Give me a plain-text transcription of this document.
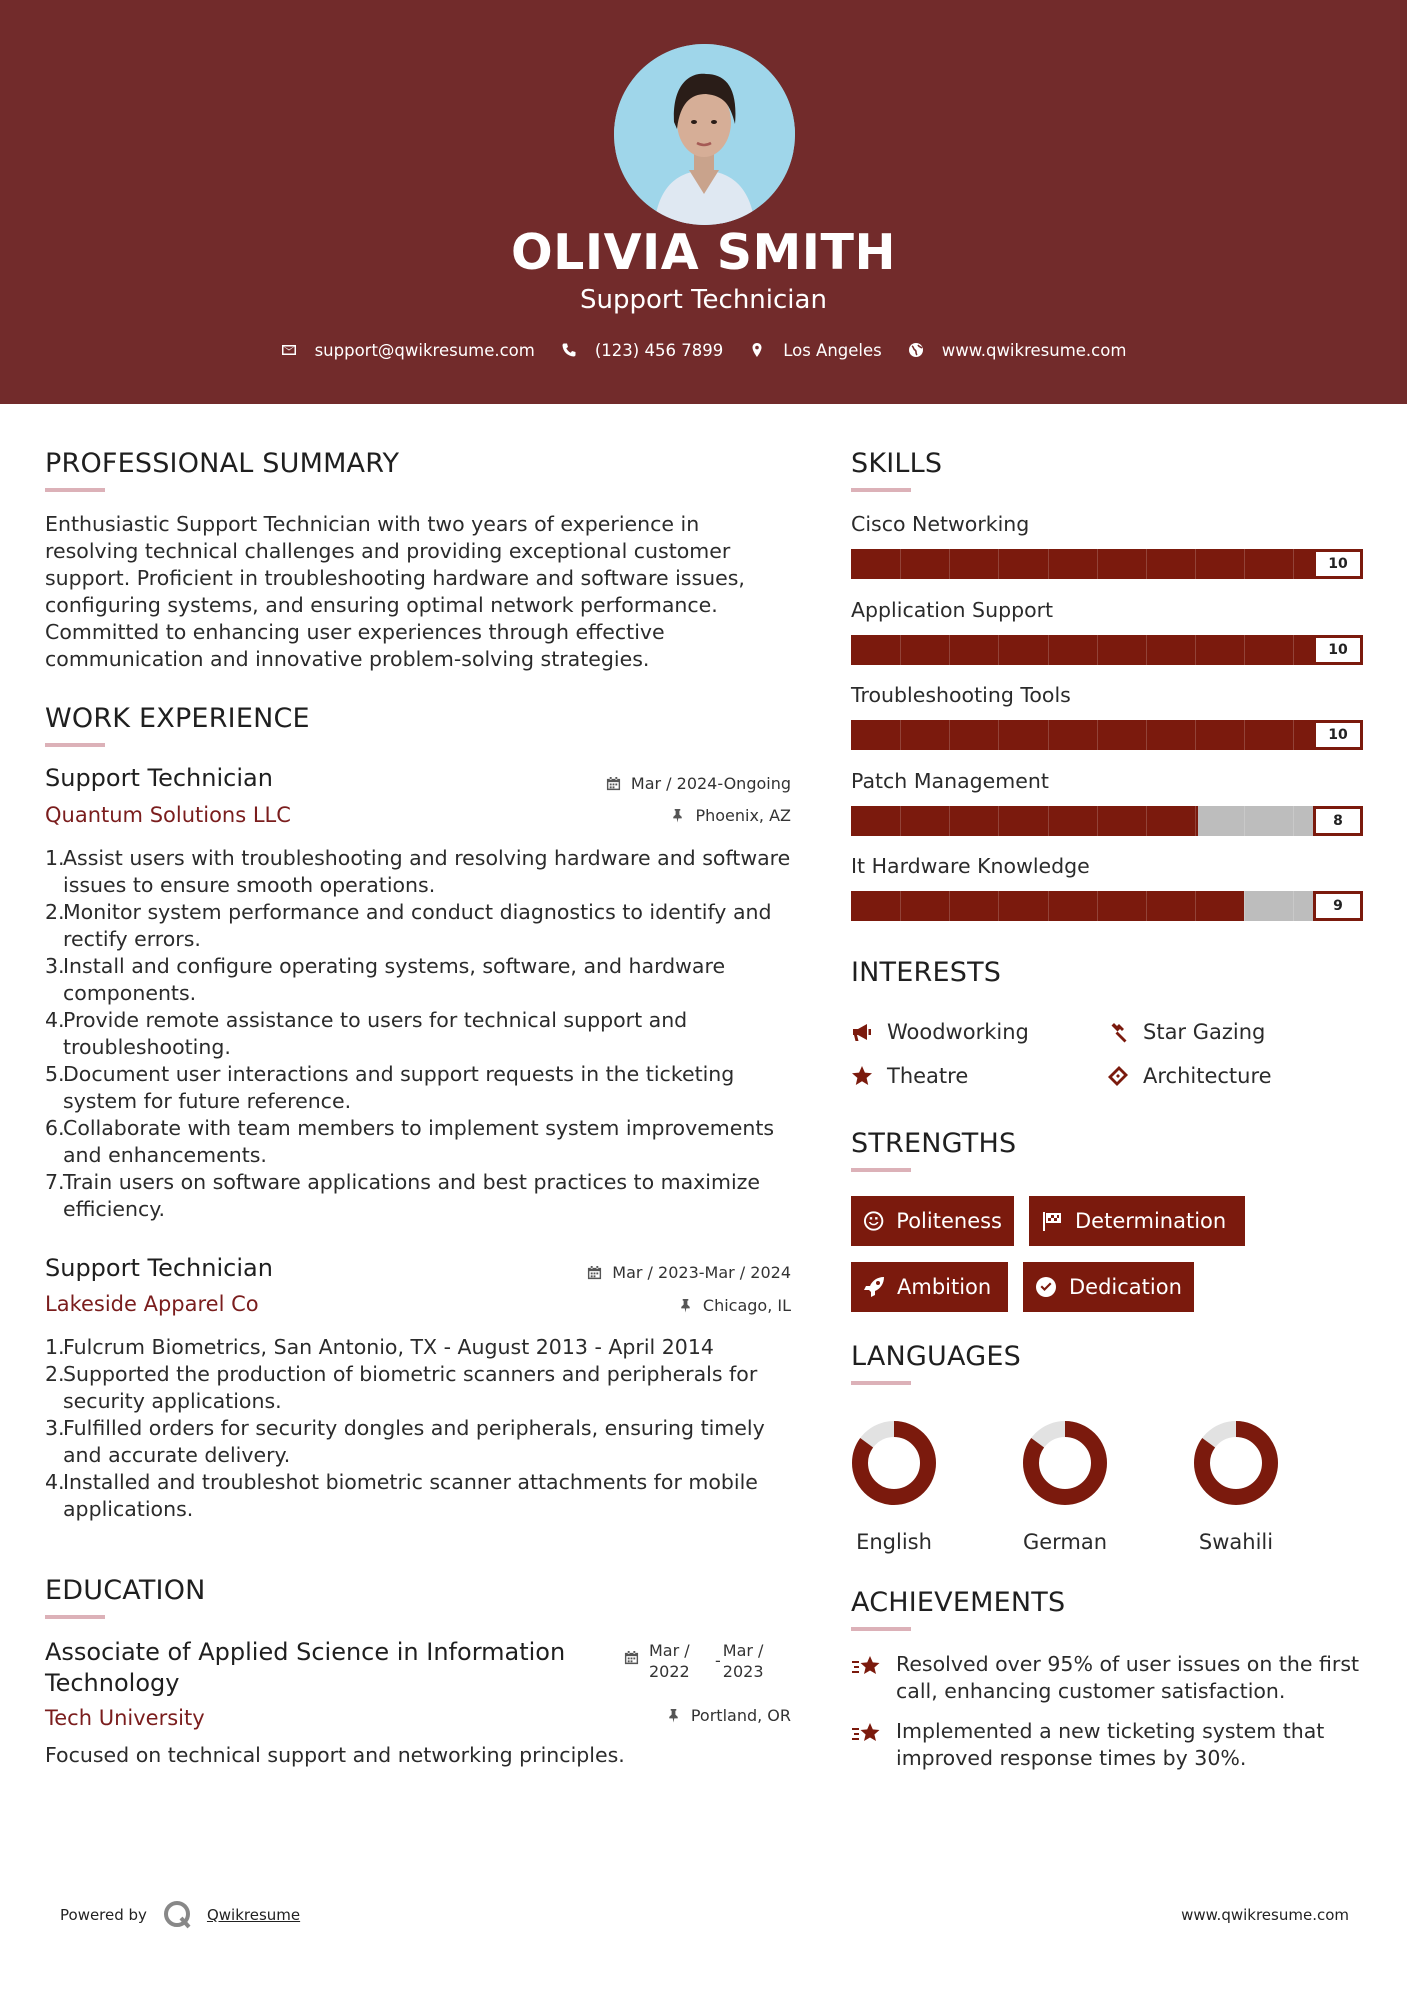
OLIVIA SMITH
Support Technician
support@qwikresume.com	(123) 456 7899	Los Angeles	www.qwikresume.com
PROFESSIONAL SUMMARY
Enthusiastic Support Technician with two years of experience in resolving technical challenges and providing exceptional customer support. Proficient in troubleshooting hardware and software issues, configuring systems, and ensuring optimal network performance. Committed to enhancing user experiences through effective communication and innovative problem-solving strategies.
WORK EXPERIENCE
Support Technician
Quantum Solutions LLC
Mar / 2024-Ongoing
Phoenix, AZ
1.
Assist users with troubleshooting and resolving hardware and software issues to ensure smooth operations.
2.
Monitor system performance and conduct diagnostics to identify and rectify errors.
3.
Install and configure operating systems, software, and hardware components.
4.
Provide remote assistance to users for technical support and troubleshooting.
5.
Document user interactions and support requests in the ticketing system for future reference.
6.
Collaborate with team members to implement system improvements and enhancements.
7.
Train users on software applications and best practices to maximize efficiency.
Support Technician
Lakeside Apparel Co
Mar / 2023-Mar / 2024
Chicago, IL
1.
Fulcrum Biometrics, San Antonio, TX - August 2013 - April 2014
2.
Supported the production of biometric scanners and peripherals for security applications.
3.
Fulfilled orders for security dongles and peripherals, ensuring timely and accurate delivery.
4.
Installed and troubleshot biometric scanner attachments for mobile applications.
EDUCATION
Associate of Applied Science in Information Technology
Tech University
Mar / 2022
-
Mar / 2023
Portland, OR
Focused on technical support and networking principles.
SKILLS
Cisco Networking
10
Application Support
10
Troubleshooting Tools
10
Patch Management
8
It Hardware Knowledge
9
INTERESTS
Woodworking	Star Gazing
Theatre	Architecture
STRENGTHS
Politeness	Determination
Ambition	Dedication
LANGUAGES
English	German	Swahili
ACHIEVEMENTS
Resolved over 95% of user issues on the first call, enhancing customer satisfaction.
Implemented a new ticketing system that improved response times by 30%.
Powered by	Qwikresume	www.qwikresume.com
